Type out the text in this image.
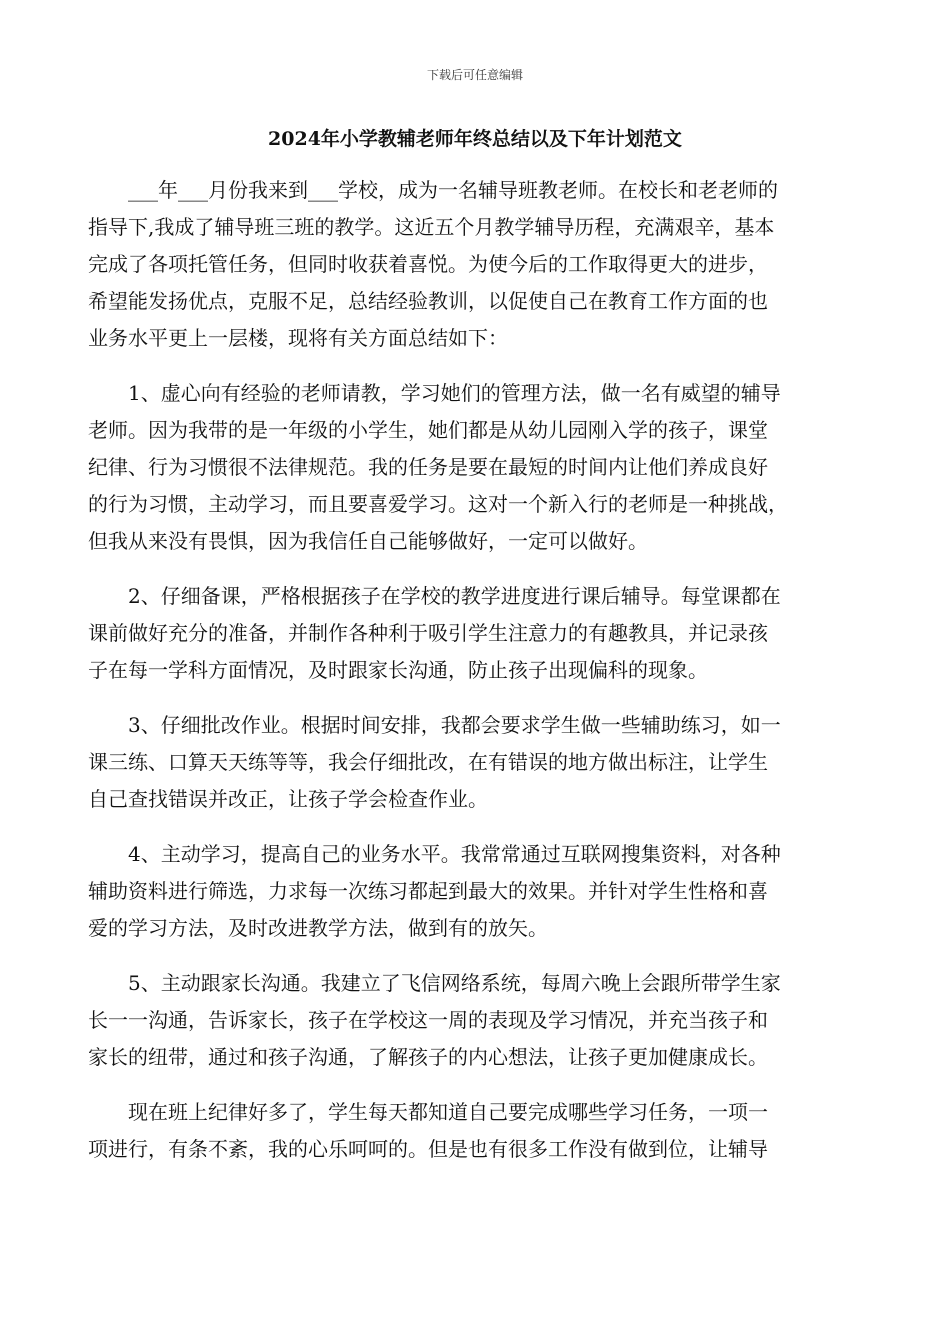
下载后可任意编辑
2024年小学教辅老师年终总结以及下年计划范文
___年___月份我来到___学校，成为一名辅导班教老师。在校长和老老师的
指导下,我成了辅导班三班的教学。这近五个月教学辅导历程，充满艰辛，基本
完成了各项托管任务，但同时收获着喜悦。为使今后的工作取得更大的进步，
希望能发扬优点，克服不足，总结经验教训，以促使自己在教育工作方面的也
业务水平更上一层楼，现将有关方面总结如下：
1、虚心向有经验的老师请教，学习她们的管理方法，做一名有威望的辅导
老师。因为我带的是一年级的小学生，她们都是从幼儿园刚入学的孩子，课堂
纪律、行为习惯很不法律规范。我的任务是要在最短的时间内让他们养成良好
的行为习惯，主动学习，而且要喜爱学习。这对一个新入行的老师是一种挑战，
但我从来没有畏惧，因为我信任自己能够做好，一定可以做好。
2、仔细备课，严格根据孩子在学校的教学进度进行课后辅导。每堂课都在
课前做好充分的准备，并制作各种利于吸引学生注意力的有趣教具，并记录孩
子在每一学科方面情况，及时跟家长沟通，防止孩子出现偏科的现象。
3、仔细批改作业。根据时间安排，我都会要求学生做一些辅助练习，如一
课三练、口算天天练等等，我会仔细批改，在有错误的地方做出标注，让学生
自己查找错误并改正，让孩子学会检查作业。
4、主动学习，提高自己的业务水平。我常常通过互联网搜集资料，对各种
辅助资料进行筛选，力求每一次练习都起到最大的效果。并针对学生性格和喜
爱的学习方法，及时改进教学方法，做到有的放矢。
5、主动跟家长沟通。我建立了飞信网络系统，每周六晚上会跟所带学生家
长一一沟通，告诉家长，孩子在学校这一周的表现及学习情况，并充当孩子和
家长的纽带，通过和孩子沟通，了解孩子的内心想法，让孩子更加健康成长。
现在班上纪律好多了，学生每天都知道自己要完成哪些学习任务，一项一
项进行，有条不紊，我的心乐呵呵的。但是也有很多工作没有做到位，让辅导
